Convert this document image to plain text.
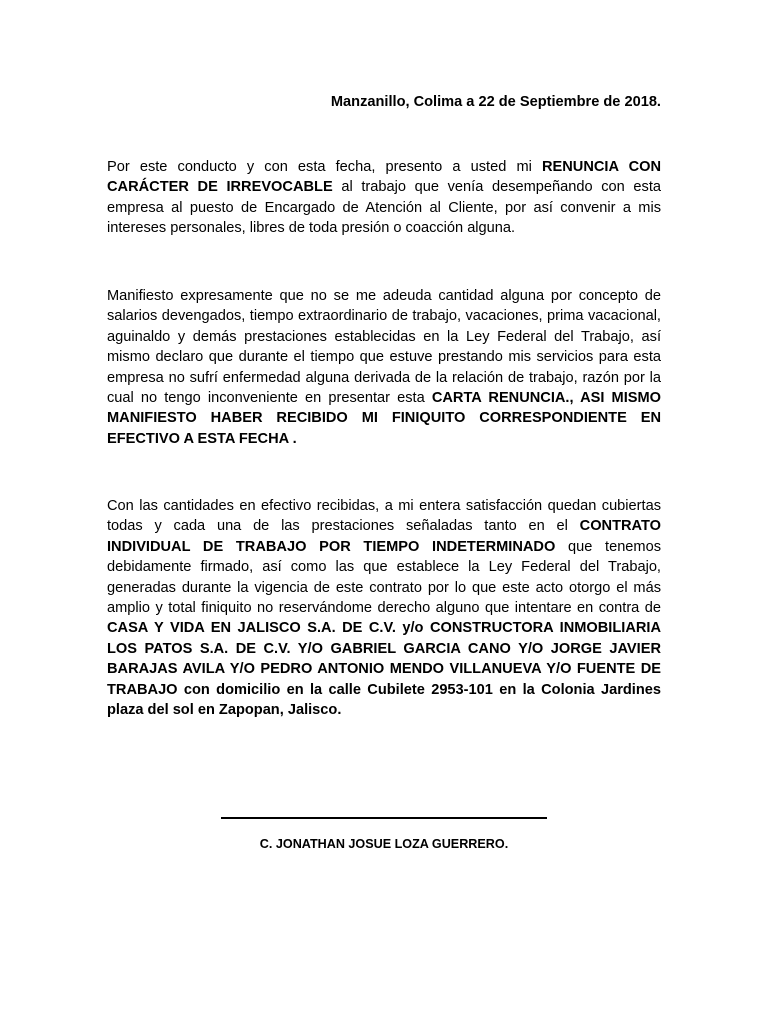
Manzanillo, Colima a 22 de Septiembre de 2018.

Por este conducto y con esta fecha, presento a usted mi RENUNCIA CON CARÁCTER DE IRREVOCABLE al trabajo que venía desempeñando con esta empresa al puesto de Encargado de Atención al Cliente, por así convenir a mis intereses personales, libres de toda presión o coacción alguna.

Manifiesto expresamente que no se me adeuda cantidad alguna por concepto de salarios devengados, tiempo extraordinario de trabajo, vacaciones, prima vacacional, aguinaldo y demás prestaciones establecidas en la Ley Federal del Trabajo, así mismo declaro que durante el tiempo que estuve prestando mis servicios para esta empresa no sufrí enfermedad alguna derivada de la relación de trabajo, razón por la cual no tengo inconveniente en presentar esta CARTA RENUNCIA., ASI MISMO MANIFIESTO HABER RECIBIDO MI FINIQUITO CORRESPONDIENTE EN EFECTIVO A ESTA FECHA .

Con las cantidades en efectivo recibidas, a mi entera satisfacción quedan cubiertas todas y cada una de las prestaciones señaladas tanto en el CONTRATO INDIVIDUAL DE TRABAJO POR TIEMPO INDETERMINADO que tenemos debidamente firmado, así como las que establece la Ley Federal del Trabajo, generadas durante la vigencia de este contrato por lo que este acto otorgo el más amplio y total finiquito no reservándome derecho alguno que intentare en contra de CASA Y VIDA EN JALISCO S.A. DE C.V. y/o CONSTRUCTORA INMOBILIARIA LOS PATOS S.A. DE C.V. Y/O GABRIEL GARCIA CANO Y/O JORGE JAVIER BARAJAS AVILA Y/O PEDRO ANTONIO MENDO VILLANUEVA Y/O FUENTE DE TRABAJO con domicilio en la calle Cubilete 2953-101 en la Colonia Jardines plaza del sol en Zapopan, Jalisco.

C. JONATHAN JOSUE LOZA GUERRERO.
